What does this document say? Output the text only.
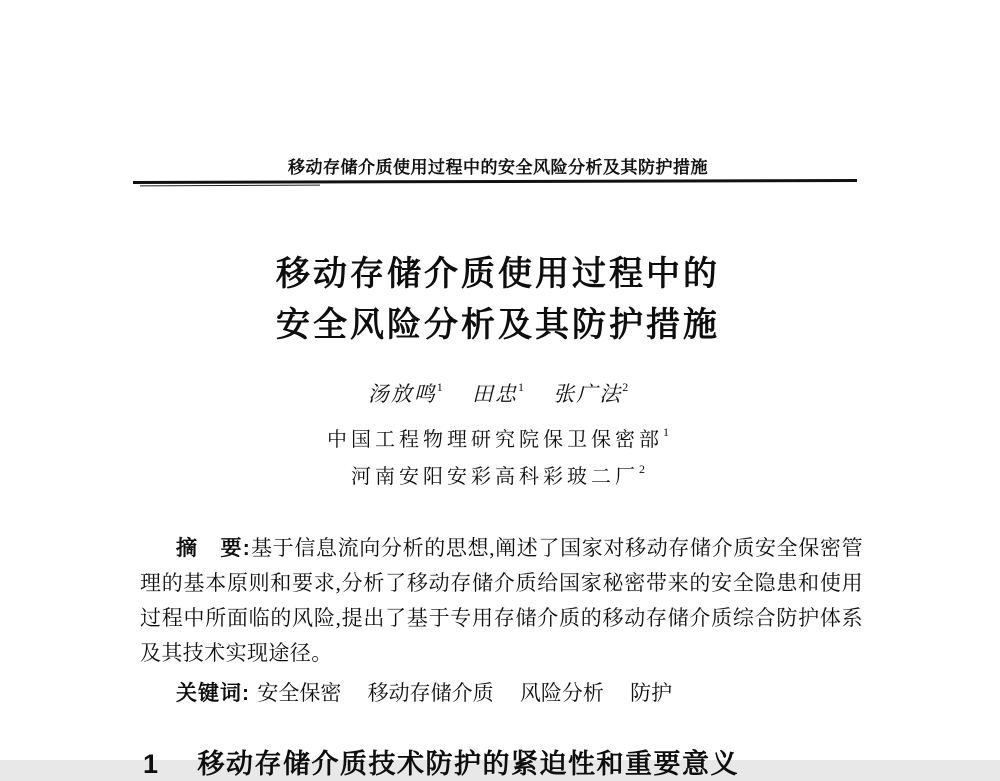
移动存储介质使用过程中的安全风险分析及其防护措施
移动存储介质使用过程中的
安全风险分析及其防护措施
汤放鸣$^1$ 田忠$^1$ 张广法$^2$
中国工程物理研究院保卫保密部$^1$
河南安阳安彩高科彩玻二厂$^2$

摘　要:基于信息流向分析的思想,阐述了国家对移动存储介质安全保密管理的基本原则和要求,分析了移动存储介质给国家秘密带来的安全隐患和使用过程中所面临的风险,提出了基于专用存储介质的移动存储介质综合防护体系及其技术实现途径。

关键词: 安全保密 移动存储介质 风险分析 防护

1 移动存储介质技术防护的紧迫性和重要意义
